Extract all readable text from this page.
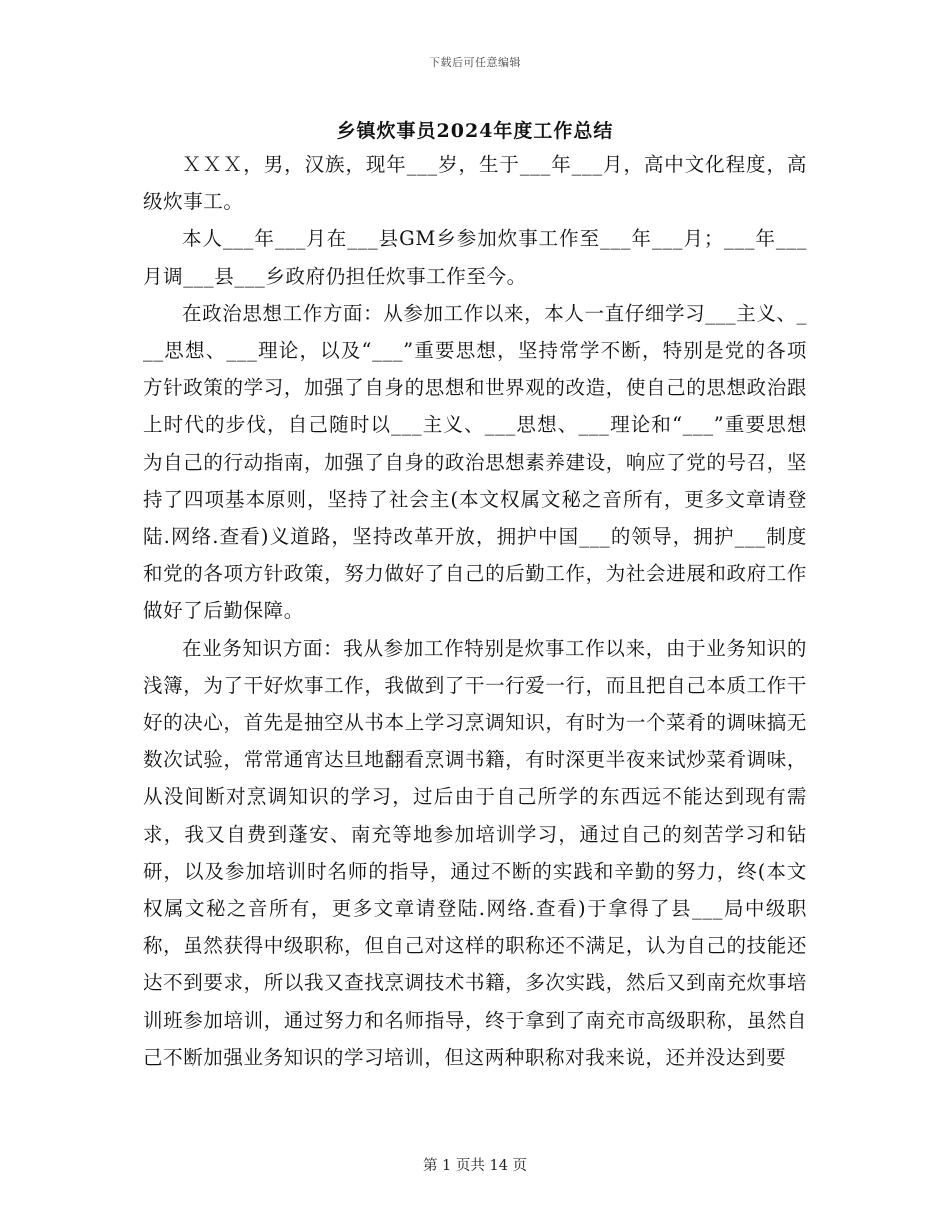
下载后可任意编辑
乡镇炊事员2024年度工作总结

ＸＸＸ，男，汉族，现年___岁，生于___年___月，高中文化程度，高级炊事工。

本人___年___月在___县GM乡参加炊事工作至___年___月；___年___月调___县___乡政府仍担任炊事工作至今。

在政治思想工作方面：从参加工作以来，本人一直仔细学习___主义、___思想、___理论，以及“___”重要思想，坚持常学不断，特别是党的各项方针政策的学习，加强了自身的思想和世界观的改造，使自己的思想政治跟上时代的步伐，自己随时以___主义、___思想、___理论和“___”重要思想为自己的行动指南，加强了自身的政治思想素养建设，响应了党的号召，坚持了四项基本原则，坚持了社会主(本文权属文秘之音所有，更多文章请登陆.网络.查看)义道路，坚持改革开放，拥护中国___的领导，拥护___制度和党的各项方针政策，努力做好了自己的后勤工作，为社会进展和政府工作做好了后勤保障。

在业务知识方面：我从参加工作特别是炊事工作以来，由于业务知识的浅簿，为了干好炊事工作，我做到了干一行爱一行，而且把自己本质工作干好的决心，首先是抽空从书本上学习烹调知识，有时为一个菜肴的调味搞无数次试验，常常通宵达旦地翻看烹调书籍，有时深更半夜来试炒菜肴调味，从没间断对烹调知识的学习，过后由于自己所学的东西远不能达到现有需求，我又自费到蓬安、南充等地参加培训学习，通过自己的刻苦学习和钻研，以及参加培训时名师的指导，通过不断的实践和辛勤的努力，终(本文权属文秘之音所有，更多文章请登陆.网络.查看)于拿得了县___局中级职称，虽然获得中级职称，但自己对这样的职称还不满足，认为自己的技能还达不到要求，所以我又查找烹调技术书籍，多次实践，然后又到南充炊事培训班参加培训，通过努力和名师指导，终于拿到了南充市高级职称，虽然自己不断加强业务知识的学习培训，但这两种职称对我来说，还并没达到要

第 1 页共 14 页
